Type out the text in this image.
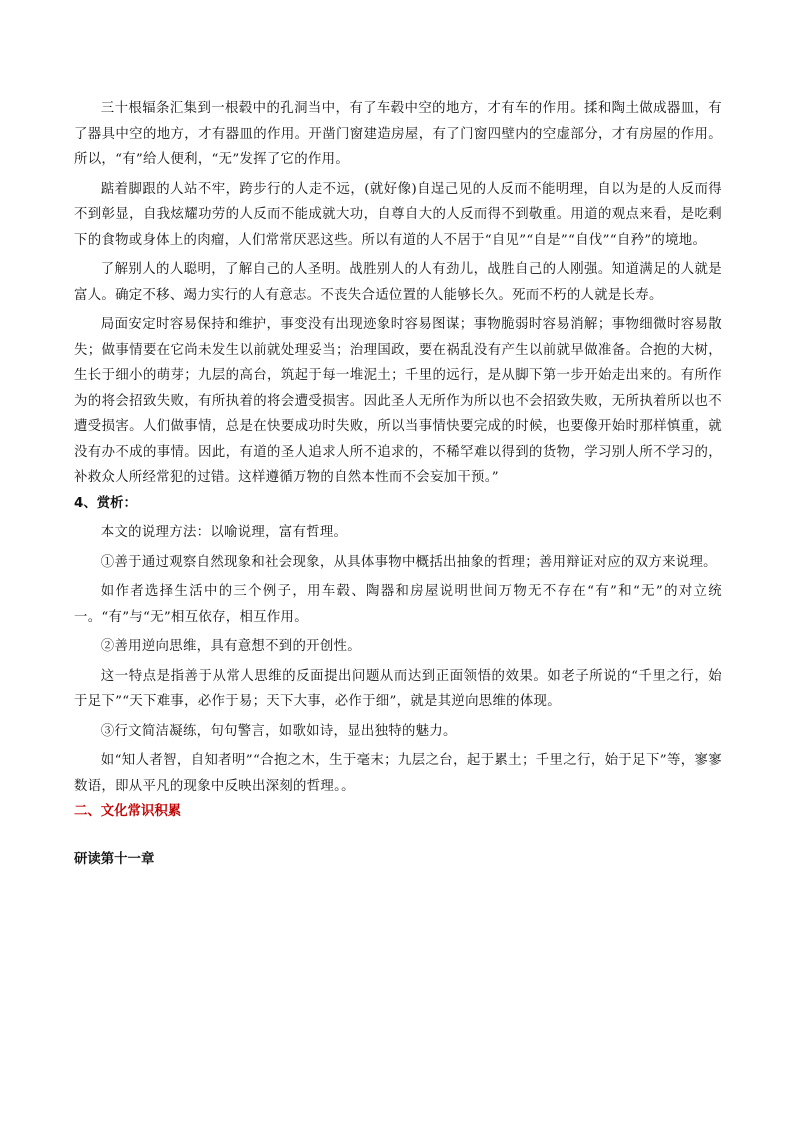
三十根辐条汇集到一根毂中的孔洞当中，有了车毂中空的地方，才有车的作用。揉和陶土做成器皿，有了器具中空的地方，才有器皿的作用。开凿门窗建造房屋，有了门窗四壁内的空虚部分，才有房屋的作用。所以，“有”给人便利，“无”发挥了它的作用。

踮着脚跟的人站不牢，跨步行的人走不远，(就好像)自逞己见的人反而不能明理，自以为是的人反而得不到彰显，自我炫耀功劳的人反而不能成就大功，自尊自大的人反而得不到敬重。用道的观点来看，是吃剩下的食物或身体上的肉瘤，人们常常厌恶这些。所以有道的人不居于“自见”“自是”“自伐”“自矜”的境地。

了解别人的人聪明，了解自己的人圣明。战胜别人的人有劲儿，战胜自己的人刚强。知道满足的人就是富人。确定不移、竭力实行的人有意志。不丧失合适位置的人能够长久。死而不朽的人就是长寿。

局面安定时容易保持和维护，事变没有出现迹象时容易图谋；事物脆弱时容易消解；事物细微时容易散失；做事情要在它尚未发生以前就处理妥当；治理国政，要在祸乱没有产生以前就早做准备。合抱的大树，生长于细小的萌芽；九层的高台，筑起于每一堆泥土；千里的远行，是从脚下第一步开始走出来的。有所作为的将会招致失败，有所执着的将会遭受损害。因此圣人无所作为所以也不会招致失败，无所执着所以也不遭受损害。人们做事情，总是在快要成功时失败，所以当事情快要完成的时候，也要像开始时那样慎重，就没有办不成的事情。因此，有道的圣人追求人所不追求的，不稀罕难以得到的货物，学习别人所不学习的，补救众人所经常犯的过错。这样遵循万物的自然本性而不会妄加干预。”

4、赏析：

本文的说理方法：以喻说理，富有哲理。

①善于通过观察自然现象和社会现象，从具体事物中概括出抽象的哲理；善用辩证对应的双方来说理。

如作者选择生活中的三个例子，用车毂、陶器和房屋说明世间万物无不存在“有”和“无”的对立统一。“有”与“无”相互依存，相互作用。

②善用逆向思维，具有意想不到的开创性。

这一特点是指善于从常人思维的反面提出问题从而达到正面领悟的效果。如老子所说的“千里之行，始于足下”“天下难事，必作于易；天下大事，必作于细”，就是其逆向思维的体现。

③行文简洁凝练，句句警言，如歌如诗，显出独特的魅力。

如“知人者智，自知者明”“合抱之木，生于毫末；九层之台，起于累土；千里之行，始于足下”等，寥寥数语，即从平凡的现象中反映出深刻的哲理。。

二、文化常识积累

研读第十一章
